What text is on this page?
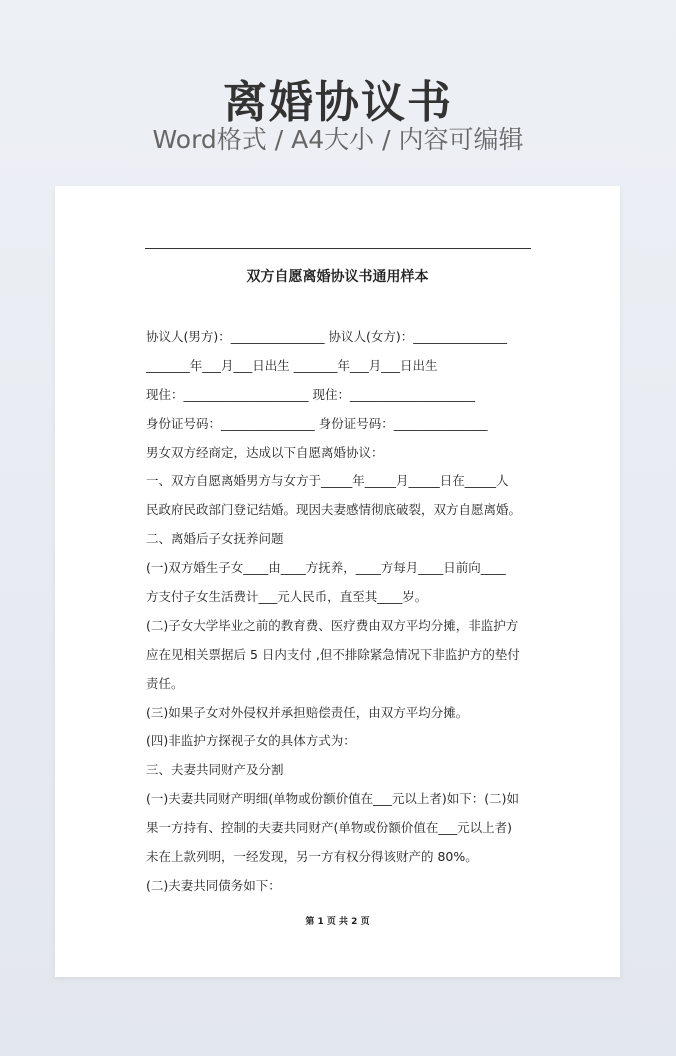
离婚协议书
Word格式 / A4大小 / 内容可编辑
双方自愿离婚协议书通用样本
协议人(男方)：_______________ 协议人(女方)：_______________
_______年___月___日出生 _______年___月___日出生
现住：____________________ 现住：____________________
身份证号码：_______________ 身份证号码：_______________
男女双方经商定，达成以下自愿离婚协议：
一、双方自愿离婚男方与女方于_____年_____月_____日在_____人
民政府民政部门登记结婚。现因夫妻感情彻底破裂，双方自愿离婚。
二、离婚后子女抚养问题
(一)双方婚生子女____由____方抚养，____方每月____日前向____
方支付子女生活费计___元人民币，直至其____岁。
(二)子女大学毕业之前的教育费、医疗费由双方平均分摊，非监护方
应在见相关票据后 5 日内支付 ,但不排除紧急情况下非监护方的垫付
责任。
(三)如果子女对外侵权并承担赔偿责任，由双方平均分摊。
(四)非监护方探视子女的具体方式为：
三、夫妻共同财产及分割
(一)夫妻共同财产明细(单物或份额价值在___元以上者)如下：(二)如
果一方持有、控制的夫妻共同财产(单物或份额价值在___元以上者)
未在上款列明，一经发现，另一方有权分得该财产的 80%。
(二)夫妻共同债务如下：
第 1 页 共 2 页
